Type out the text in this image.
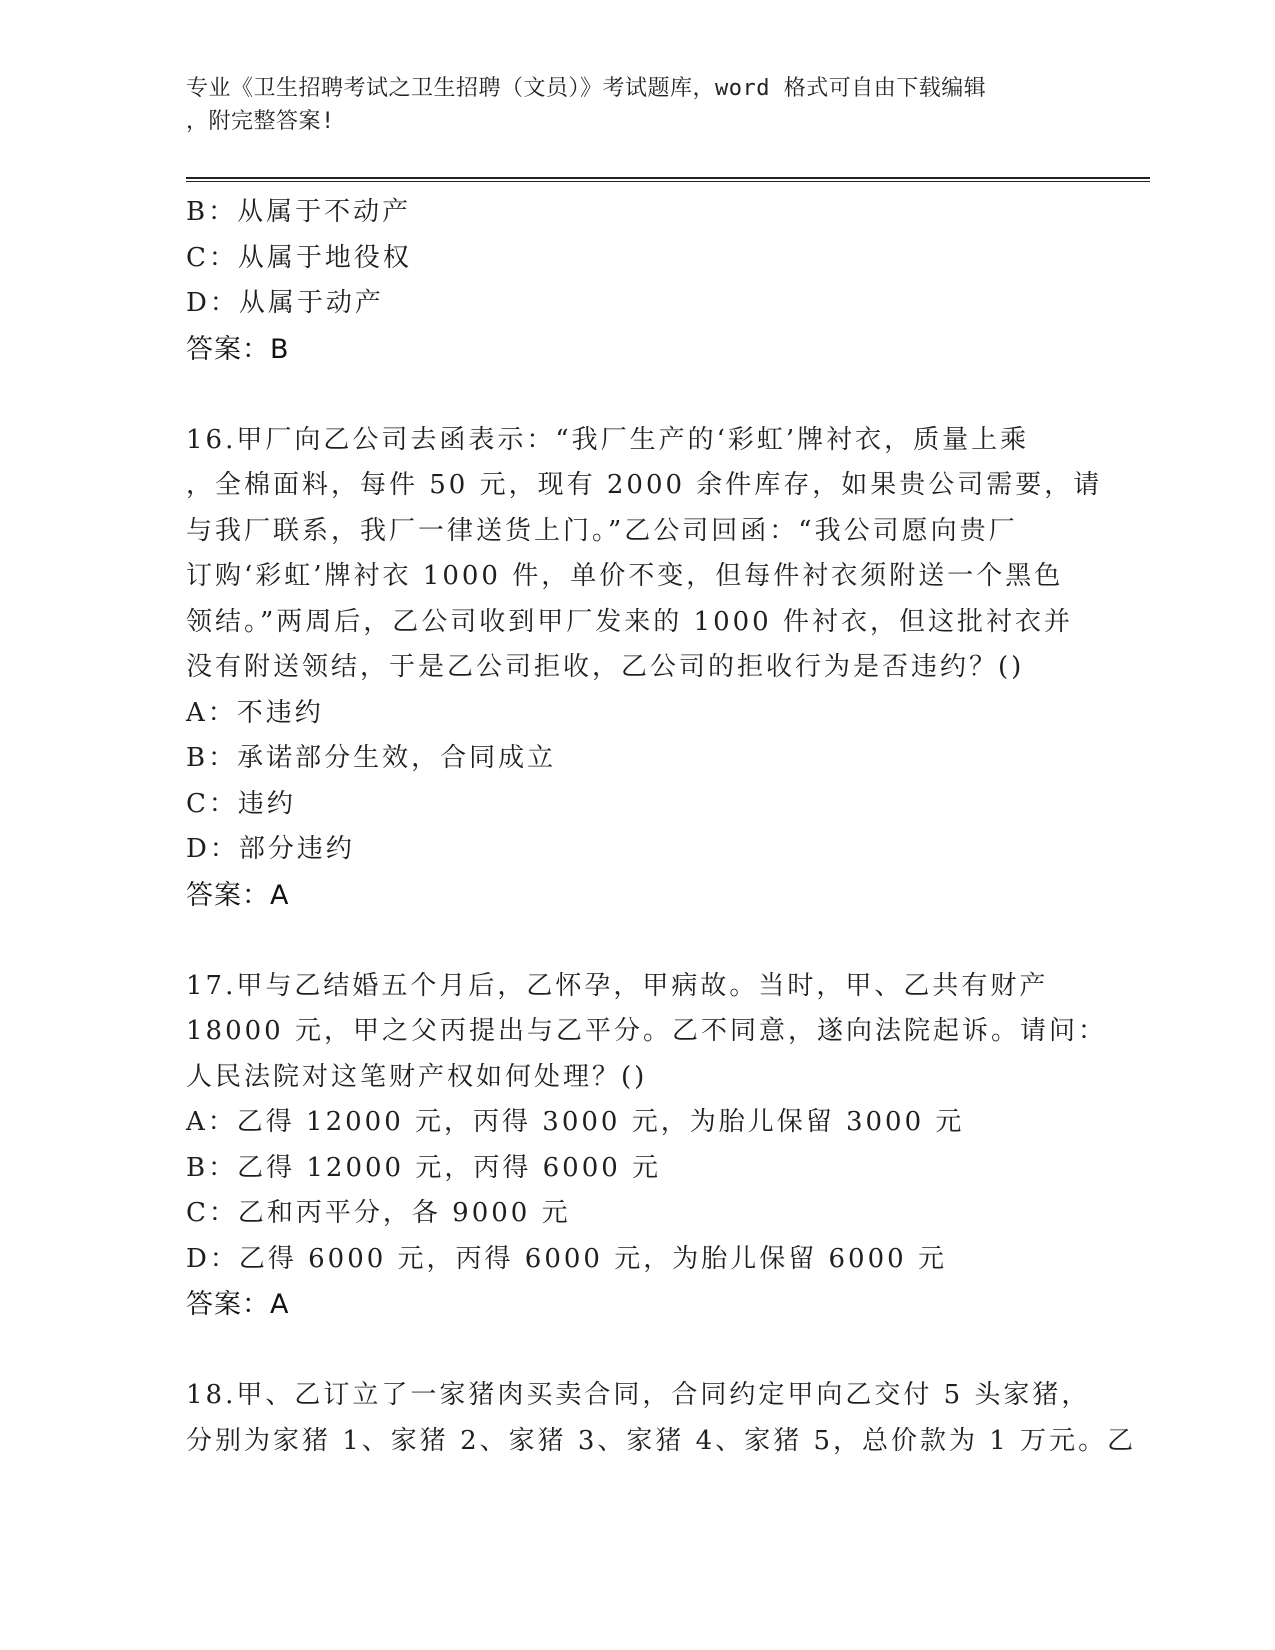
专业《卫生招聘考试之卫生招聘（文员）》考试题库，word 格式可自由下载编辑
，附完整答案!
B：从属于不动产
C：从属于地役权
D：从属于动产
答案：B
16.甲厂向乙公司去函表示：“我厂生产的‘彩虹’牌衬衣，质量上乘
，全棉面料，每件 50 元，现有 2000 余件库存，如果贵公司需要，请
与我厂联系，我厂一律送货上门。”乙公司回函：“我公司愿向贵厂
订购‘彩虹’牌衬衣 1000 件，单价不变，但每件衬衣须附送一个黑色
领结。”两周后，乙公司收到甲厂发来的 1000 件衬衣，但这批衬衣并
没有附送领结，于是乙公司拒收，乙公司的拒收行为是否违约？()
A：不违约
B：承诺部分生效，合同成立
C：违约
D：部分违约
答案：A
17.甲与乙结婚五个月后，乙怀孕，甲病故。当时，甲、乙共有财产
18000 元，甲之父丙提出与乙平分。乙不同意，遂向法院起诉。请问：
人民法院对这笔财产权如何处理？()
A：乙得 12000 元，丙得 3000 元，为胎儿保留 3000 元
B：乙得 12000 元，丙得 6000 元
C：乙和丙平分，各 9000 元
D：乙得 6000 元，丙得 6000 元，为胎儿保留 6000 元
答案：A
18.甲、乙订立了一家猪肉买卖合同，合同约定甲向乙交付 5 头家猪，
分别为家猪 1、家猪 2、家猪 3、家猪 4、家猪 5，总价款为 1 万元。乙
